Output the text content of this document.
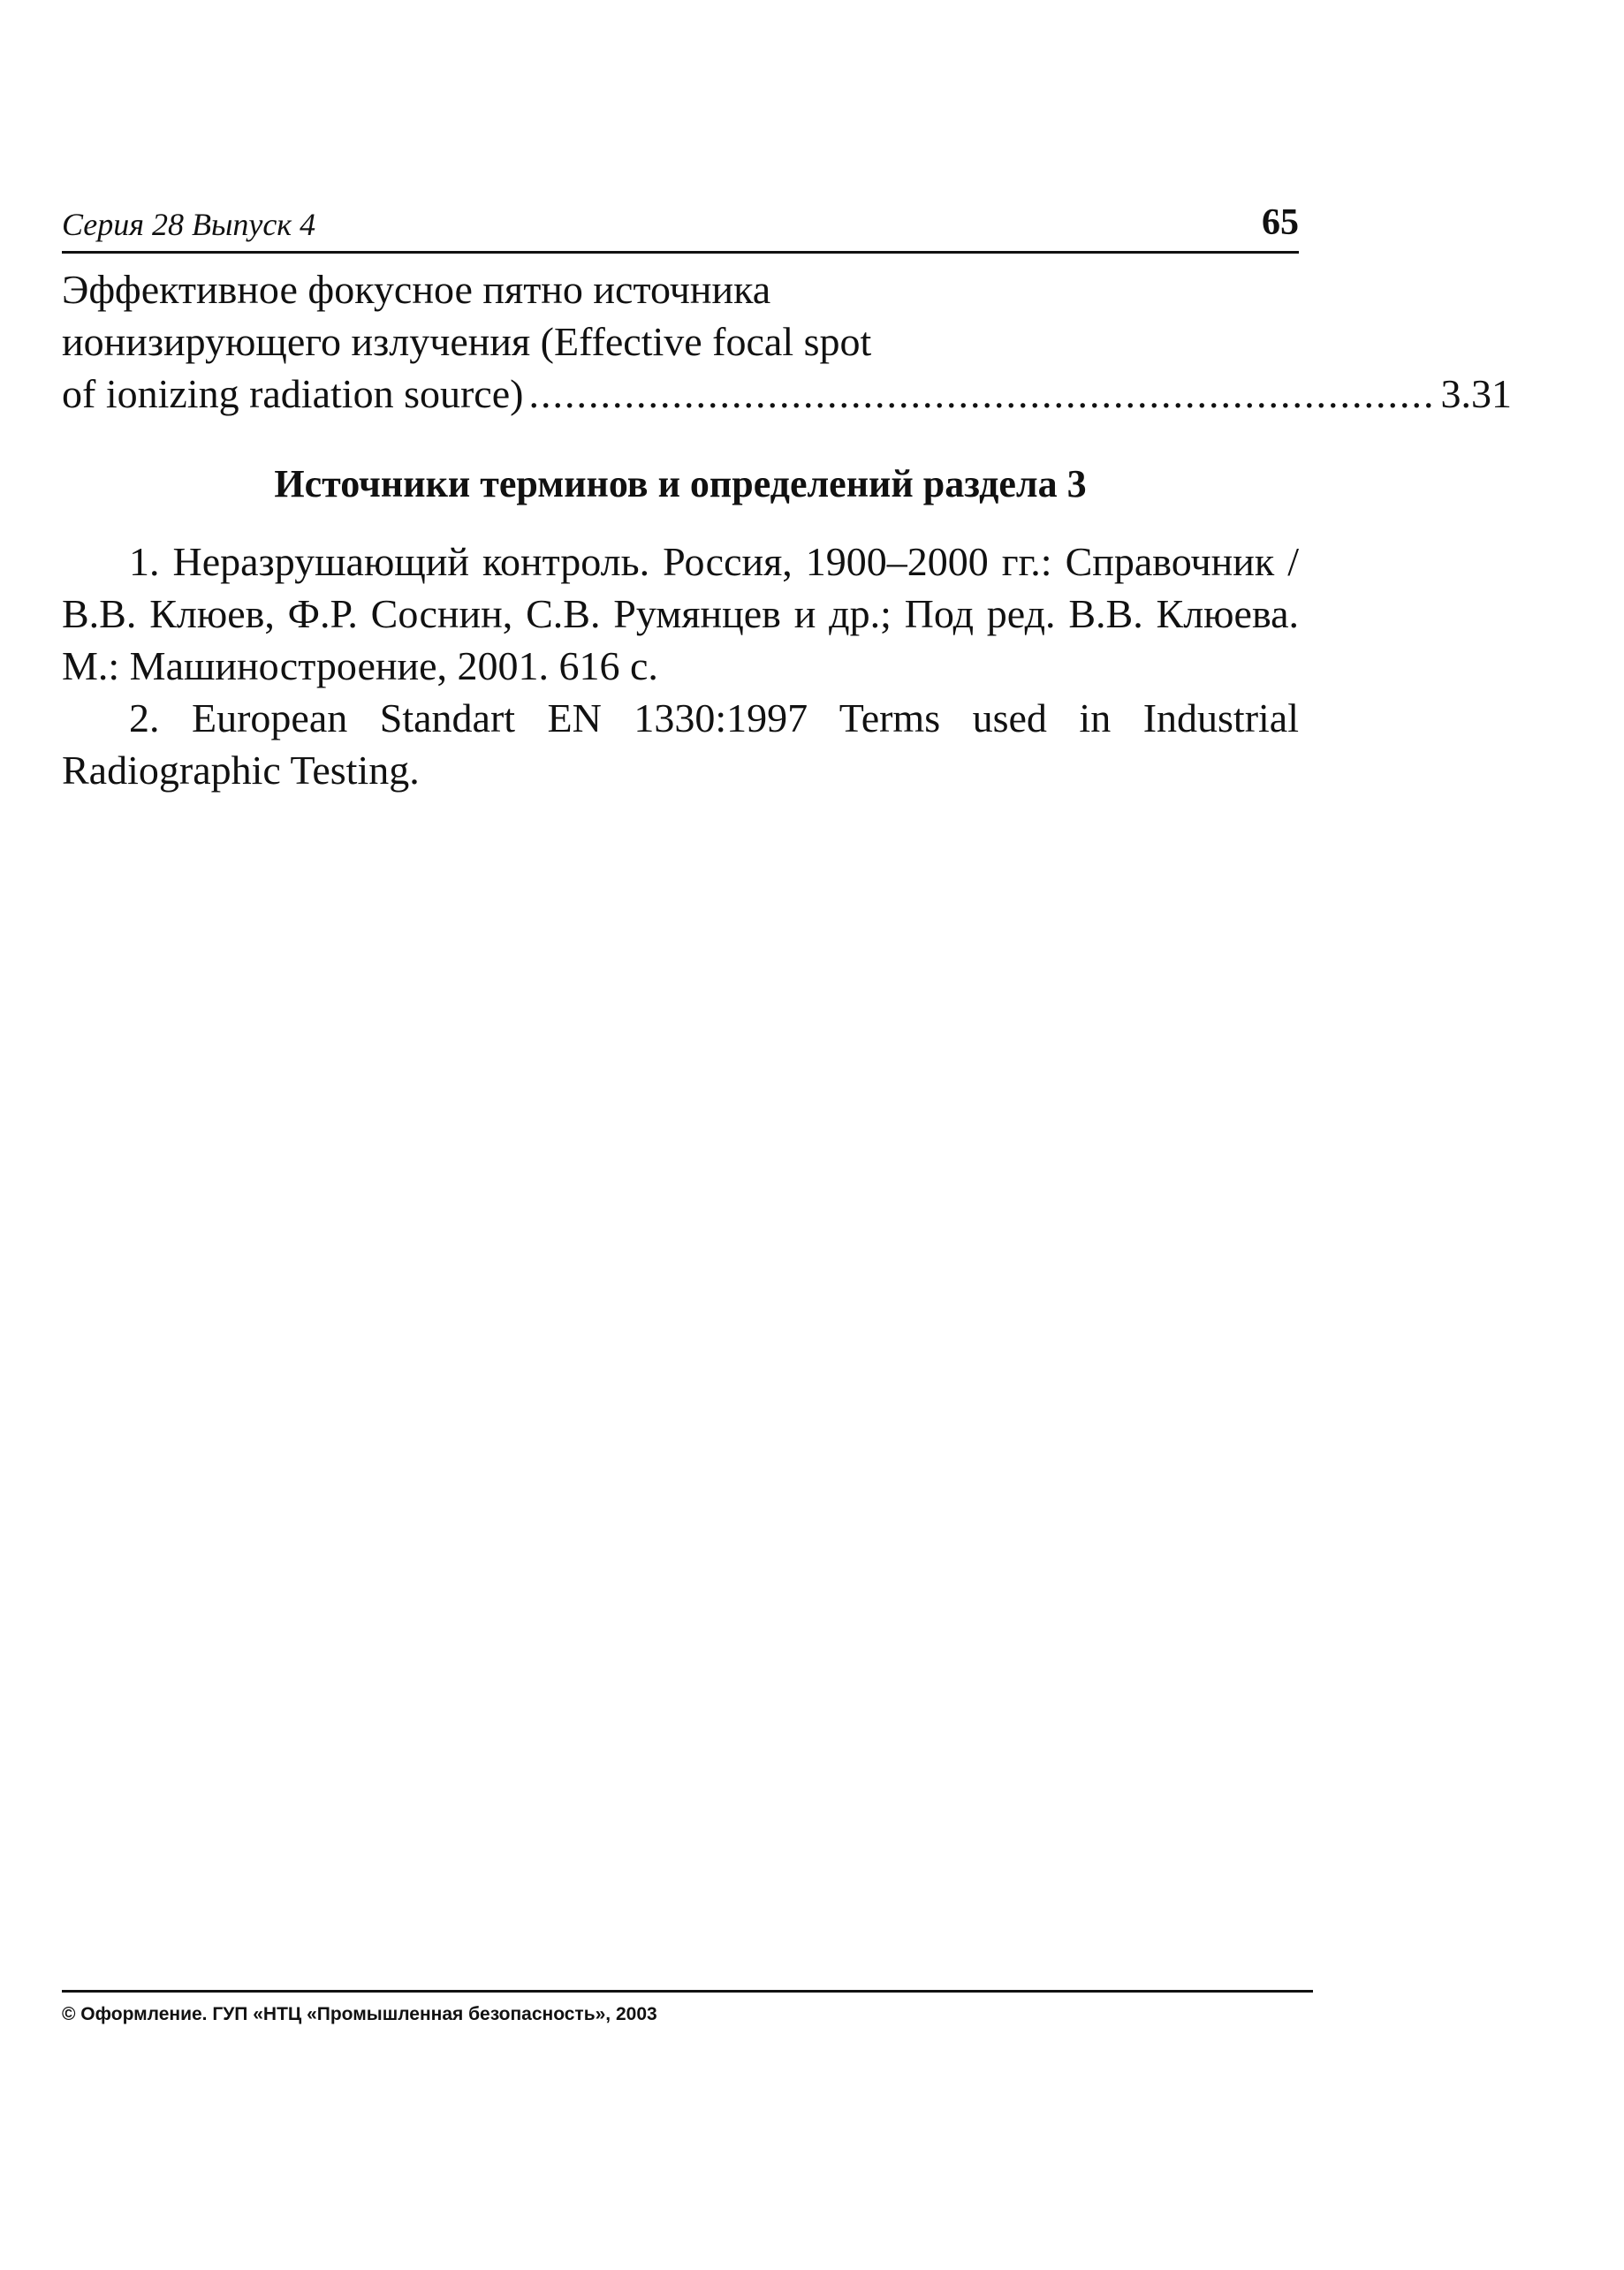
Серия 28 Выпуск 4	65
Эффективное фокусное пятно источника
ионизирующего излучения (Effective focal spot
of ionizing radiation source) ............................................................................ 3.31
Источники терминов и определений раздела 3

1. Неразрушающий контроль. Россия, 1900–2000 гг.: Справочник / В.В. Клюев, Ф.Р. Соснин, С.В. Румянцев и др.; Под ред. В.В. Клюева. М.: Машиностроение, 2001. 616 с.

2. European Standart EN 1330:1997 Terms used in Industrial Radiographic Testing.

© Оформление. ГУП «НТЦ «Промышленная безопасность», 2003
